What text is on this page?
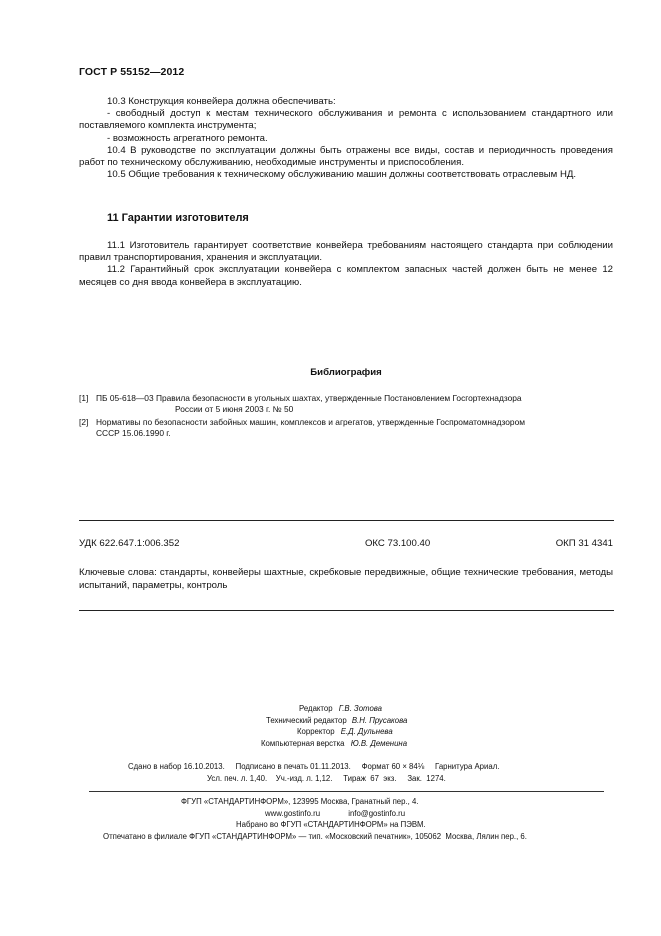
ГОСТ Р 55152—2012

10.3 Конструкция конвейера должна обеспечивать:

- свободный доступ к местам технического обслуживания и ремонта с использованием стандартного или поставляемого комплекта инструмента;

- возможность агрегатного ремонта.

10.4 В руководстве по эксплуатации должны быть отражены все виды, состав и периодичность проведения работ по техническому обслуживанию, необходимые инструменты и приспособления.

10.5 Общие требования к техническому обслуживанию машин должны соответствовать отраслевым НД.

11 Гарантии изготовителя

11.1 Изготовитель гарантирует соответствие конвейера требованиям настоящего стандарта при соблюдении правил транспортирования, хранения и эксплуатации.

11.2 Гарантийный срок эксплуатации конвейера с комплектом запасных частей должен быть не менее 12 месяцев со дня ввода конвейера в эксплуатацию.

Библиография
[1] ПБ 05-618—03 Правила безопасности в угольных шахтах, утвержденные Постановлением Госгортехнадзора
России от 5 июня 2003 г. № 50
[2] Нормативы по безопасности забойных машин, комплексов и агрегатов, утвержденные Госпроматомнадзором
СССР 15.06.1990 г.
УДК 622.647.1:006.352	ОКС 73.100.40	ОКП 31 4341
Ключевые слова: стандарты, конвейеры шахтные, скребковые передвижные, общие технические требования, методы испытаний, параметры, контроль
Редактор Г.В. Зотова
Технический редактор В.Н. Прусакова
Корректор Е.Д. Дульнева
Компьютерная верстка Ю.В. Деменина
Сдано в набор 16.10.2013.     Подписано в печать 01.11.2013.     Формат 60 × 84⅛     Гарнитура Ариал.
Усл. печ. л. 1,40.    Уч.-изд. л. 1,12.     Тираж  67  экз.     Зак.  1274.
ФГУП «СТАНДАРТИНФОРМ», 123995 Москва, Гранатный пер., 4.
www.gostinfo.ru	info@gostinfo.ru
Набрано во ФГУП «СТАНДАРТИНФОРМ» на ПЭВМ.
Отпечатано в филиале ФГУП «СТАНДАРТИНФОРМ» — тип. «Московский печатник», 105062  Москва, Лялин пер., 6.
